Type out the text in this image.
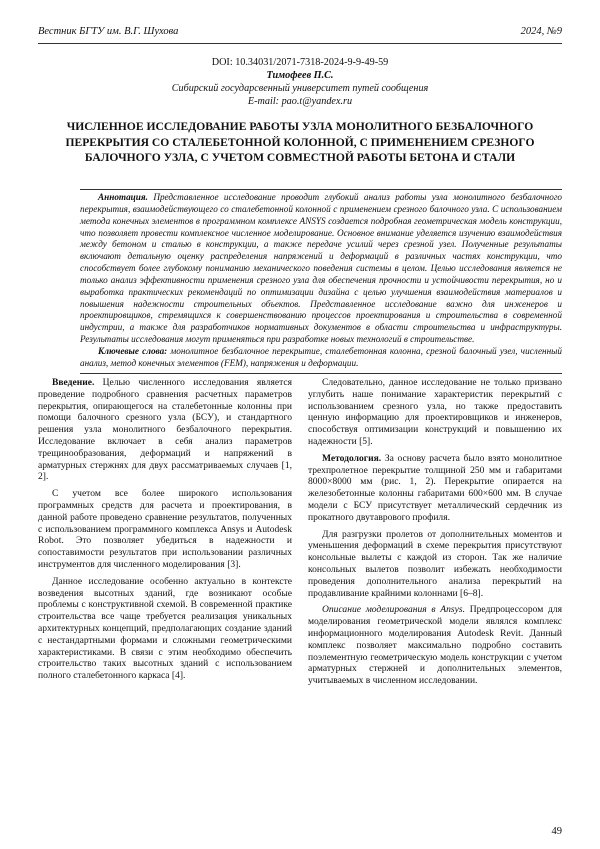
Вестник БГТУ им. В.Г. Шухова	2024, №9
DOI: 10.34031/2071-7318-2024-9-9-49-59
Тимофеев П.С.
Сибирский государсвенный университет путей сообщения
E-mail: pao.t@yandex.ru
ЧИСЛЕННОЕ ИССЛЕДОВАНИЕ РАБОТЫ УЗЛА МОНОЛИТНОГО БЕЗБАЛОЧНОГО ПЕРЕКРЫТИЯ СО СТАЛЕБЕТОННОЙ КОЛОННОЙ, С ПРИМЕНЕНИЕМ СРЕЗНОГО БАЛОЧНОГО УЗЛА, С УЧЕТОМ СОВМЕСТНОЙ РАБОТЫ БЕТОНА И СТАЛИ

Аннотация. Представленное исследование проводит глубокий анализ работы узла монолитного безбалочного перекрытия, взаимодействующего со сталебетонной колонной с применением срезного балочного узла. С использованием метода конечных элементов в программном комплексе ANSYS создается подробная геометрическая модель конструкции, что позволяет провести комплексное численное моделирование. Основное внимание уделяется изучению взаимодействия между бетоном и сталью в конструкции, а также передаче усилий через срезной узел. Полученные результаты включают детальную оценку распределения напряжений и деформаций в различных частях конструкции, что способствует более глубокому пониманию механического поведения системы в целом. Целью исследования является не только анализ эффективности применения срезного узла для обеспечения прочности и устойчивости перекрытия, но и выработка практических рекомендаций по оптимизации дизайна с целью улучшения взаимодействия материалов и повышения надежности строительных объектов. Представленное исследование важно для инженеров и проектировщиков, стремящихся к совершенствованию процессов проектирования и строительства в современной индустрии, а также для разработчиков нормативных документов в области строительства и инфраструктуры. Результаты исследования могут применяться при разработке новых технологий в строительстве.

Ключевые слова: монолитное безбалочное перекрытие, сталебетонная колонна, срезной балочный узел, численный анализ, метод конечных элементов (FEM), напряжения и деформации.

Введение. Целью численного исследования является проведение подробного сравнения расчетных параметров перекрытия, опирающегося на сталебетонные колонны при помощи балочного срезного узла (БСУ), и стандартного решения узла монолитного безбалочного перекрытия. Исследование включает в себя анализ параметров трещинообразования, деформаций и напряжений в арматурных стержнях для двух рассматриваемых случаев [1, 2].

С учетом все более широкого использования программных средств для расчета и проектирования, в данной работе проведено сравнение результатов, полученных с использованием программного комплекса Ansys и Autodesk Robot. Это позволяет убедиться в надежности и сопоставимости результатов при использовании различных инструментов для численного моделирования [3].

Данное исследование особенно актуально в контексте возведения высотных зданий, где возникают особые проблемы с конструктивной схемой. В современной практике строительства все чаще требуется реализация уникальных архитектурных концепций, предполагающих создание зданий с нестандартными формами и сложными геометрическими характеристиками. В связи с этим необходимо обеспечить строительство таких высотных зданий с использованием полного сталебетонного каркаса [4].

Следовательно, данное исследование не только призвано углубить наше понимание характеристик перекрытий с использованием срезного узла, но также предоставить ценную информацию для проектировщиков и инженеров, способствуя оптимизации конструкций и повышению их надежности [5].

Методология. За основу расчета было взято монолитное трехпролетное перекрытие толщиной 250 мм и габаритами 8000×8000 мм (рис. 1, 2). Перекрытие опирается на железобетонные колонны габаритами 600×600 мм. В случае модели с БСУ присутствует металлический сердечник из прокатного двутаврового профиля.

Для разгрузки пролетов от дополнительных моментов и уменьшения деформаций в схеме перекрытия присутствуют консольные вылеты с каждой из сторон. Так же наличие консольных вылетов позволит избежать необходимости проведения дополнительного анализа перекрытий на продавливание крайними колоннами [6–8].

Описание моделирования в Ansys. Предпроцессором для моделирования геометрической модели являлся комплекс информационного моделирования Autodesk Revit. Данный комплекс позволяет максимально подробно составить поэлементную геометрическую модель конструкции с учетом арматурных стержней и дополнительных элементов, учитываемых в численном исследовании.

49
